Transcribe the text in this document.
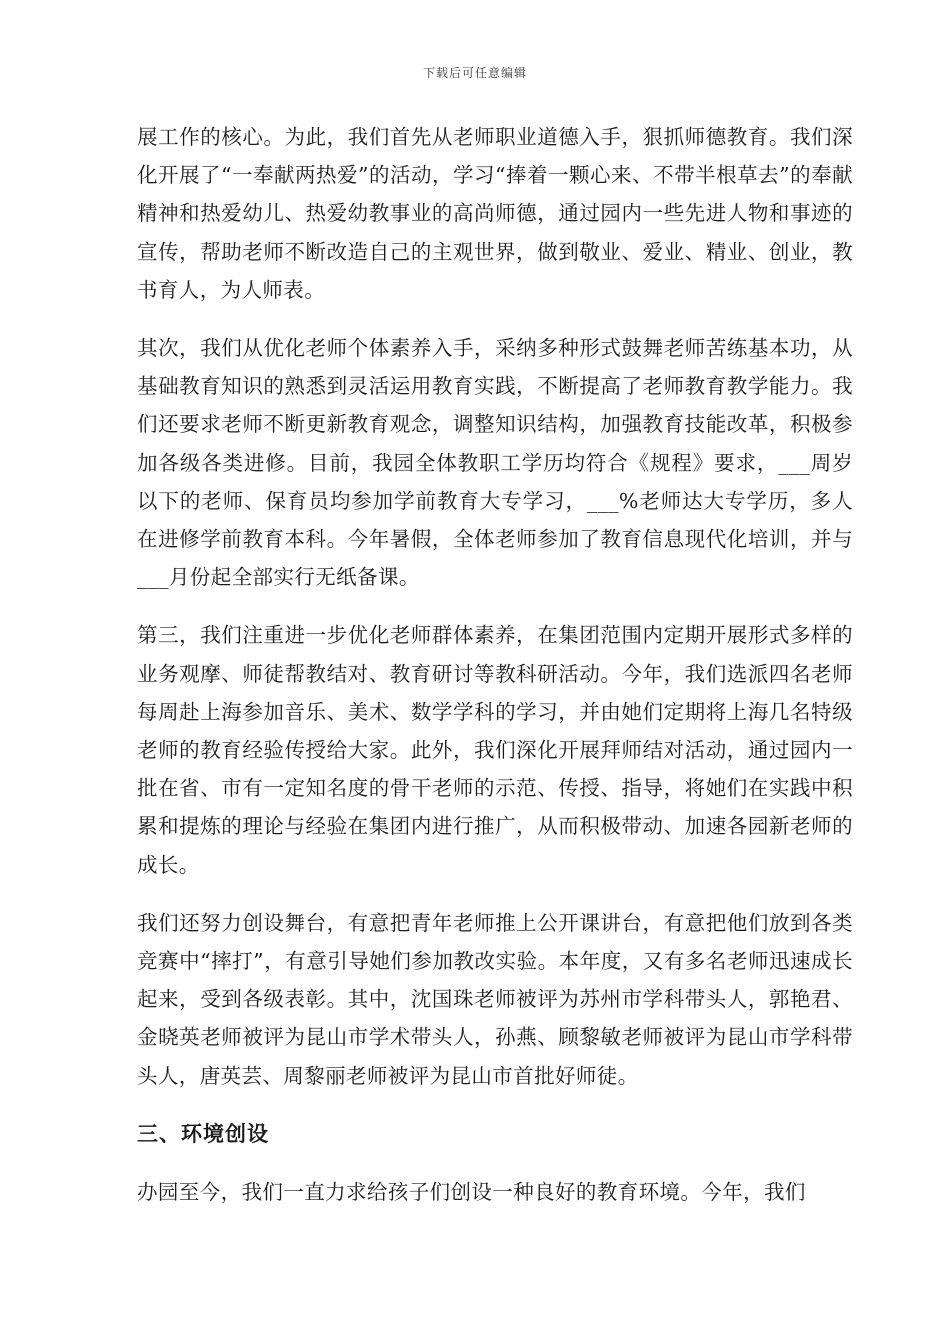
下载后可任意编辑

展工作的核心。为此，我们首先从老师职业道德入手，狠抓师德教育。我们深化开展了“一奉献两热爱”的活动，学习“捧着一颗心来、不带半根草去”的奉献精神和热爱幼儿、热爱幼教事业的高尚师德，通过园内一些先进人物和事迹的宣传，帮助老师不断改造自己的主观世界，做到敬业、爱业、精业、创业，教书育人，为人师表。

其次，我们从优化老师个体素养入手，采纳多种形式鼓舞老师苦练基本功，从基础教育知识的熟悉到灵活运用教育实践，不断提高了老师教育教学能力。我们还要求老师不断更新教育观念，调整知识结构，加强教育技能改革，积极参加各级各类进修。目前，我园全体教职工学历均符合《规程》要求，___周岁以下的老师、保育员均参加学前教育大专学习，___%老师达大专学历，多人在进修学前教育本科。今年暑假，全体老师参加了教育信息现代化培训，并与___月份起全部实行无纸备课。

第三，我们注重进一步优化老师群体素养，在集团范围内定期开展形式多样的业务观摩、师徒帮教结对、教育研讨等教科研活动。今年，我们选派四名老师每周赴上海参加音乐、美术、数学学科的学习，并由她们定期将上海几名特级老师的教育经验传授给大家。此外，我们深化开展拜师结对活动，通过园内一批在省、市有一定知名度的骨干老师的示范、传授、指导，将她们在实践中积累和提炼的理论与经验在集团内进行推广，从而积极带动、加速各园新老师的成长。

我们还努力创设舞台，有意把青年老师推上公开课讲台，有意把他们放到各类竞赛中“摔打”，有意引导她们参加教改实验。本年度，又有多名老师迅速成长起来，受到各级表彰。其中，沈国珠老师被评为苏州市学科带头人，郭艳君、金晓英老师被评为昆山市学术带头人，孙燕、顾黎敏老师被评为昆山市学科带头人，唐英芸、周黎丽老师被评为昆山市首批好师徒。

三、环境创设

办园至今，我们一直力求给孩子们创设一种良好的教育环境。今年，我们
